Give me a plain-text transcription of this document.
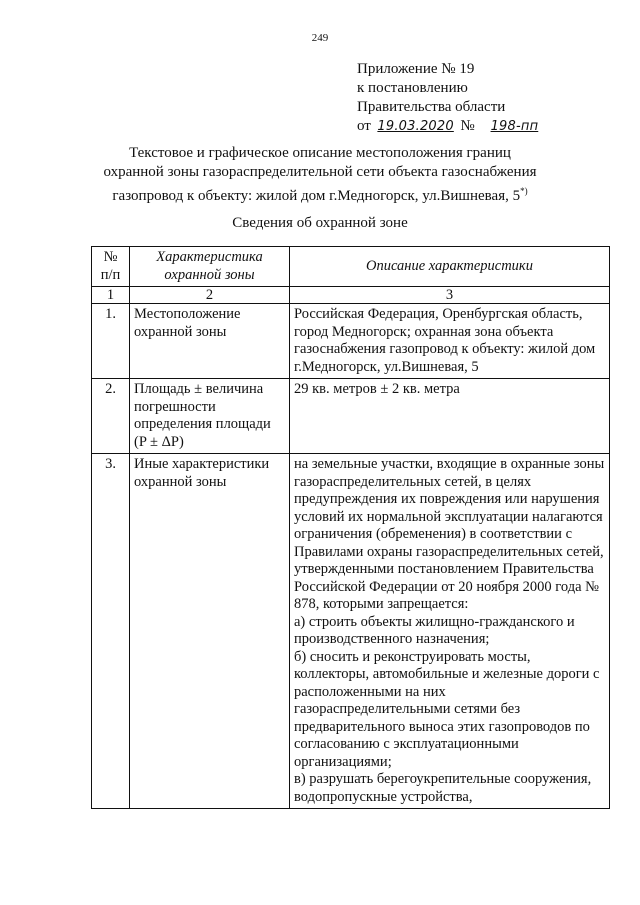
249
Приложение № 19
к постановлению
Правительства области
от 19.03.2020 № 198-пп
Текстовое и графическое описание местоположения границ
охранной зоны газораспределительной сети объекта газоснабжения
газопровод к объекту: жилой дом г.Медногорск, ул.Вишневая, 5*)
Сведения об охранной зоне
№ п/п	Характеристика охранной зоны	Описание характеристики
1	2	3
1.	Местоположение охранной зоны	Российская Федерация, Оренбургская область, город Медногорск; охранная зона объекта газоснабжения газопровод к объекту: жилой дом г.Медногорск, ул.Вишневая, 5

2.	Площадь ± величина погрешности определения площади (P ± ΔP)	29 кв. метров ± 2 кв. метра

3.	Иные характеристики охранной зоны	на земельные участки, входящие в охранные зоны газораспределительных сетей, в целях предупреждения их повреждения или нарушения условий их нормальной эксплуатации налагаются ограничения (обременения) в соответствии с Правилами охраны газораспределительных сетей, утвержденными постановлением Правительства Российской Федерации от 20 ноября 2000 года № 878, которыми запрещается:
а) строить объекты жилищно-гражданского и производственного назначения;
б) сносить и реконструировать мосты, коллекторы, автомобильные и железные дороги с расположенными на них газораспределительными сетями без предварительного выноса этих газопроводов по согласованию с эксплуатационными организациями;
в) разрушать берегоукрепительные сооружения, водопропускные устройства,
